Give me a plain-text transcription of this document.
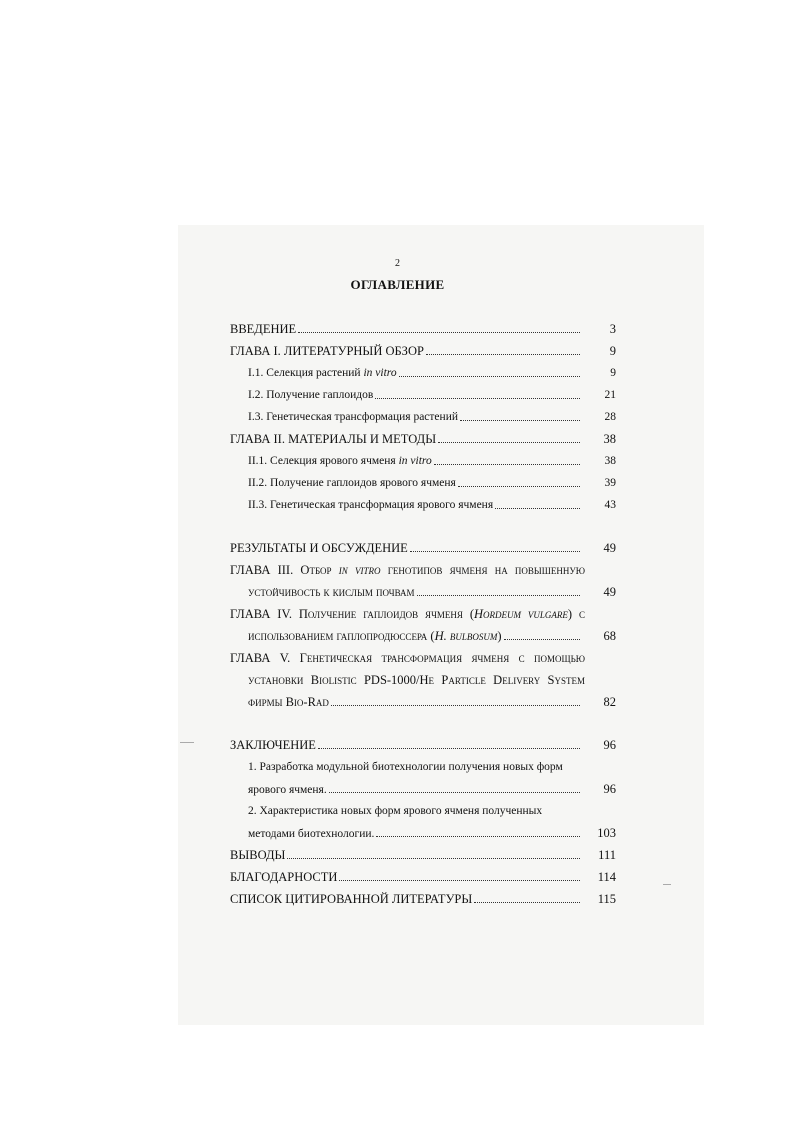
2
ОГЛАВЛЕНИЕ
ВВЕДЕНИЕ	3
ГЛАВА I. ЛИТЕРАТУРНЫЙ ОБЗОР	9
I.1. Селекция растений in vitro	9
I.2. Получение гаплоидов	21
I.3. Генетическая трансформация растений	28
ГЛАВА II. МАТЕРИАЛЫ И МЕТОДЫ	38
II.1. Селекция ярового ячменя in vitro	38
II.2. Получение гаплоидов ярового ячменя	39
II.3. Генетическая трансформация ярового ячменя	43
РЕЗУЛЬТАТЫ И ОБСУЖДЕНИЕ	49
ГЛАВА III. Отбор in vitro генотипов ячменя на повышенную
устойчивость к кислым почвам	49
ГЛАВА IV. Получение гаплоидов ячменя (Hordeum vulgare) с
использованием гаплопродюссера (H. bulbosum)	68
ГЛАВА V. Генетическая трансформация ячменя с помощью
установки Biolistic PDS-1000/He Particle Delivery System
фирмы Bio-Rad	82
ЗАКЛЮЧЕНИЕ	96
1. Разработка модульной биотехнологии получения новых форм
ярового ячменя.	96
2. Характеристика новых форм ярового ячменя полученных
методами биотехнологии.	103
ВЫВОДЫ	111
БЛАГОДАРНОСТИ	114
СПИСОК ЦИТИРОВАННОЙ ЛИТЕРАТУРЫ	115
